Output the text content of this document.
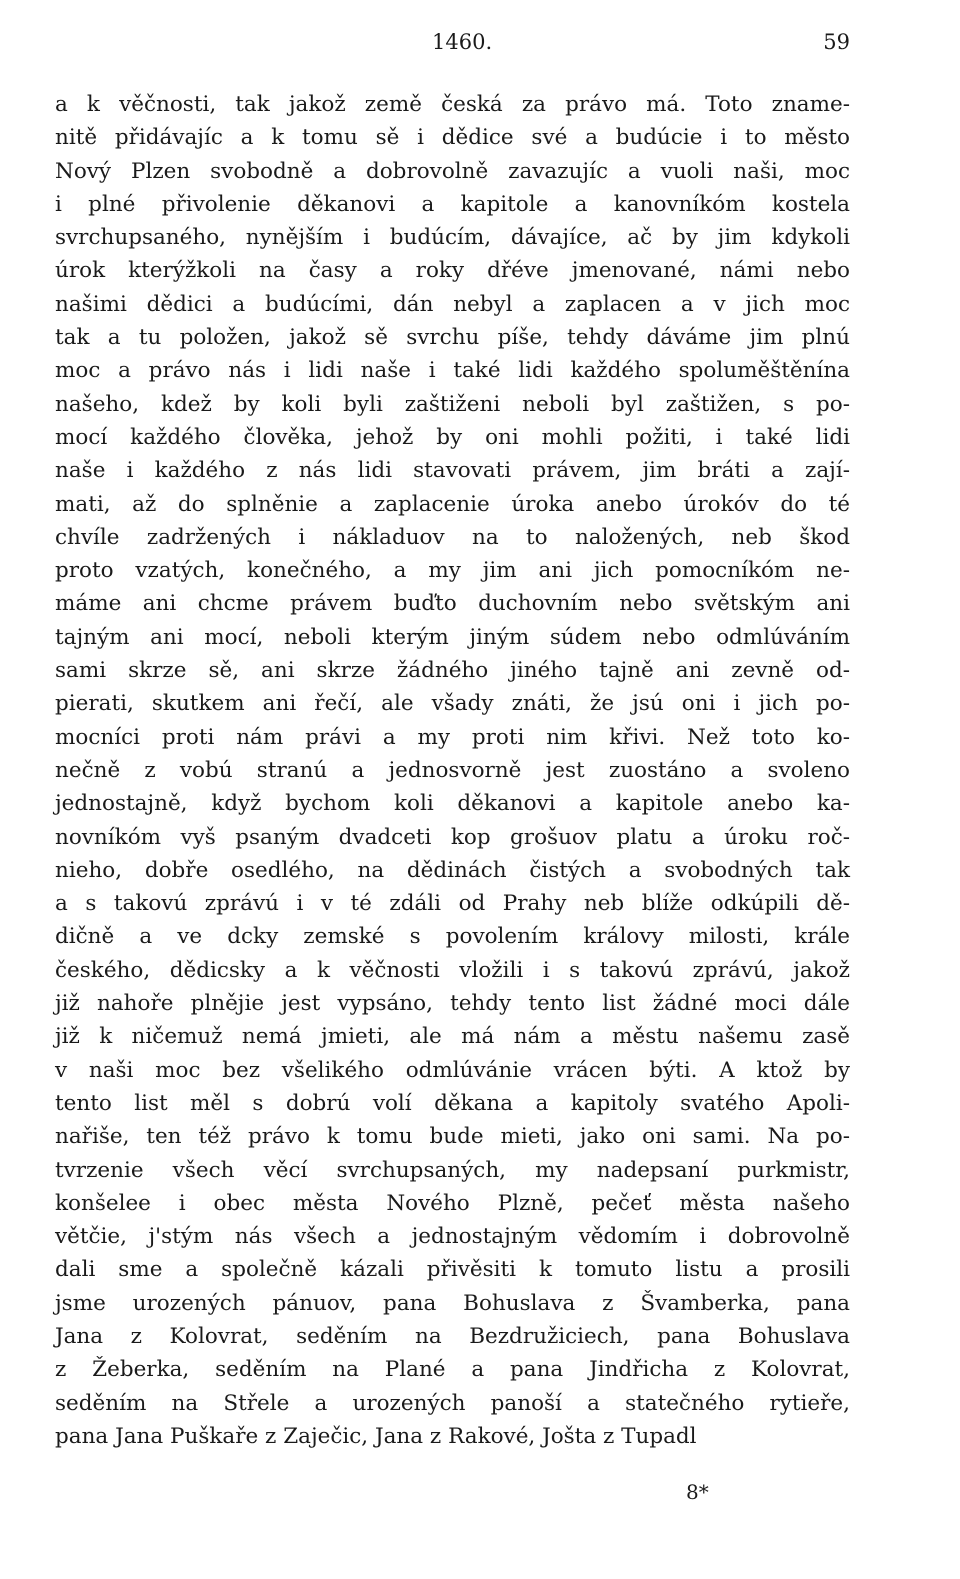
1460.	59
a k věčnosti, tak jakož země česká za právo má. Toto zname-
nitě přidávajíc a k tomu sě i dědice své a budúcie i to město
Nový Plzen svobodně a dobrovolně zavazujíc a vuoli naši, moc
i plné přivolenie děkanovi a kapitole a kanovníkóm kostela
svrchupsaného, nynějším i budúcím, dávajíce, ač by jim kdykoli
úrok kterýžkoli na časy a roky dřéve jmenované, námi nebo
našimi dědici a budúcími, dán nebyl a zaplacen a v jich moc
tak a tu položen, jakož sě svrchu píše, tehdy dáváme jim plnú
moc a právo nás i lidi naše i také lidi každého spoluměštěnína
našeho, kdež by koli byli zaštiženi neboli byl zaštižen, s po-
mocí každého člověka, jehož by oni mohli požiti, i také lidi
naše i každého z nás lidi stavovati právem, jim bráti a zají-
mati, až do splněnie a zaplacenie úroka anebo úrokóv do té
chvíle zadržených i nákladuov na to naložených, neb škod
proto vzatých, konečného, a my jim ani jich pomocníkóm ne-
máme ani chcme právem buďto duchovním nebo světským ani
tajným ani mocí, neboli kterým jiným súdem nebo odmlúváním
sami skrze sě, ani skrze žádného jiného tajně ani zevně od-
pierati, skutkem ani řečí, ale všady znáti, že jsú oni i jich po-
mocníci proti nám právi a my proti nim křivi. Než toto ko-
nečně z vobú stranú a jednosvorně jest zuostáno a svoleno
jednostajně, když bychom koli děkanovi a kapitole anebo ka-
novníkóm vyš psaným dvadceti kop grošuov platu a úroku roč-
nieho, dobře osedlého, na dědinách čistých a svobodných tak
a s takovú zprávú i v té zdáli od Prahy neb blíže odkúpili dě-
dičně a ve dcky zemské s povolením královy milosti, krále
českého, dědicsky a k věčnosti vložili i s takovú zprávú, jakož
již nahoře plnějie jest vypsáno, tehdy tento list žádné moci dále
již k ničemuž nemá jmieti, ale má nám a městu našemu zasě
v naši moc bez všelikého odmlúvánie vrácen býti. A ktož by
tento list měl s dobrú volí děkana a kapitoly svatého Apoli-
nařiše, ten též právo k tomu bude mieti, jako oni sami. Na po-
tvrzenie všech věcí svrchupsaných, my nadepsaní purkmistr,
konšelee i obec města Nového Plzně, pečeť města našeho
větčie, j'stým nás všech a jednostajným vědomím i dobrovolně
dali sme a společně kázali přivěsiti k tomuto listu a prosili
jsme urozených pánuov, pana Bohuslava z Švamberka, pana
Jana z Kolovrat, seděním na Bezdružiciech, pana Bohuslava
z Žeberka, seděním na Plané a pana Jindřicha z Kolovrat,
seděním na Střele a urozených panoší a statečného rytieře,
pana Jana Puškaře z Zaječic, Jana z Rakové, Jošta z Tupadl
8*
